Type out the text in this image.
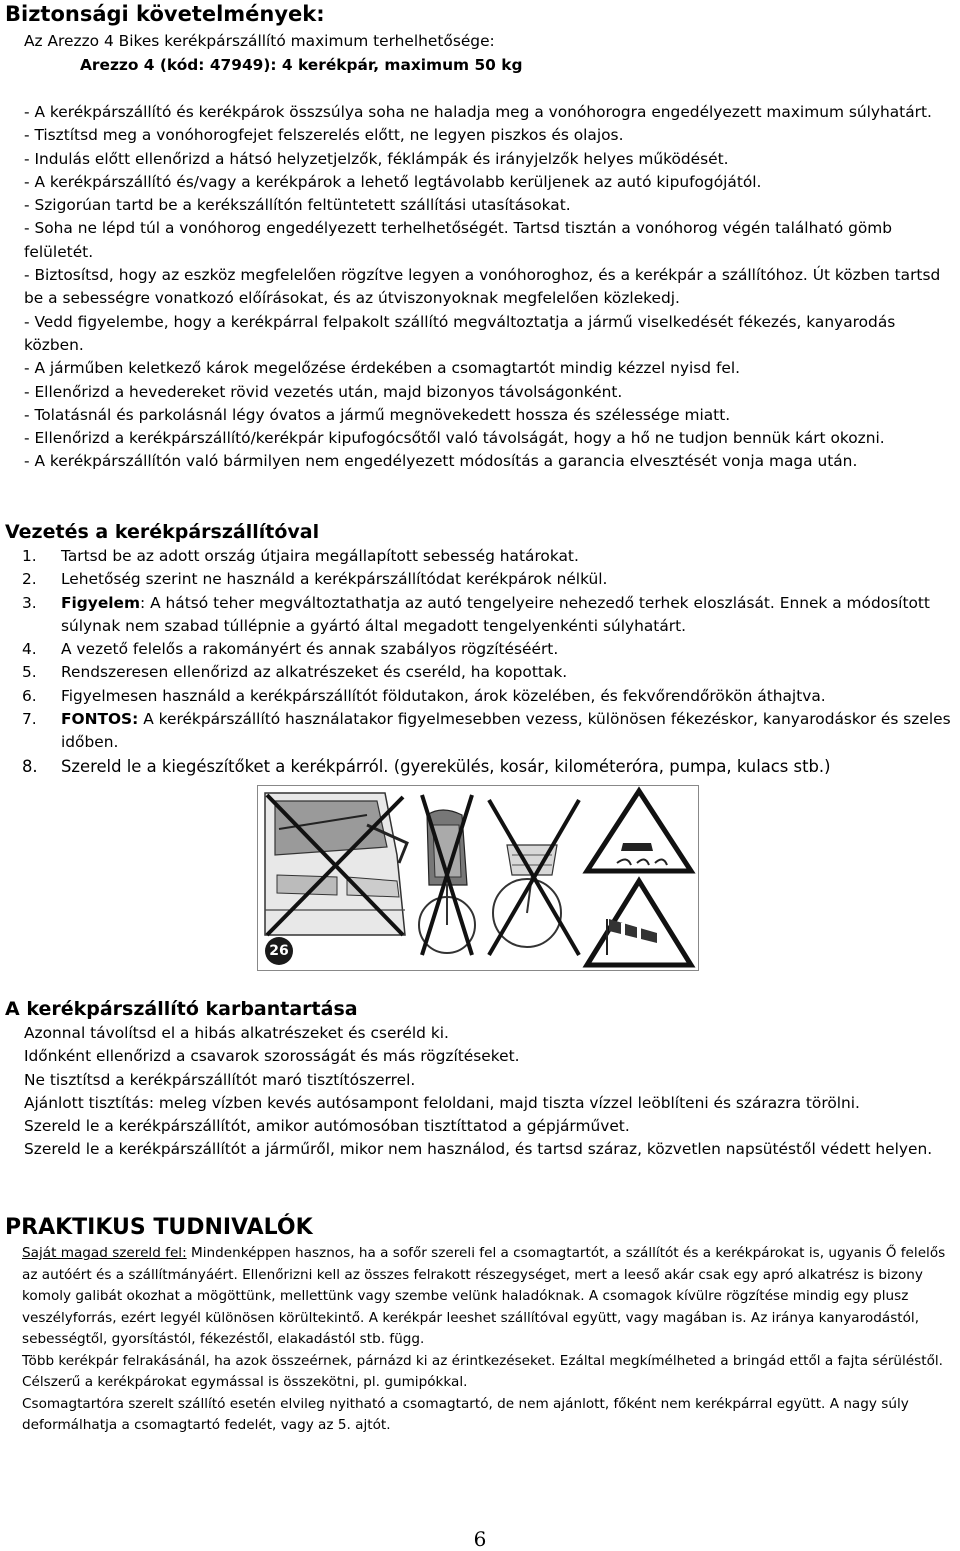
Biztonsági követelmények:
Az Arezzo 4 Bikes kerékpárszállító maximum terhelhetősége:
Arezzo 4 (kód: 47949): 4 kerékpár, maximum 50 kg
- A kerékpárszállító és kerékpárok összsúlya soha ne haladja meg a vonóhorogra engedélyezett maximum súlyhatárt.
- Tisztítsd meg a vonóhorogfejet felszerelés előtt, ne legyen piszkos és olajos.
- Indulás előtt ellenőrizd a hátsó helyzetjelzők, féklámpák és irányjelzők helyes működését.
- A kerékpárszállító és/vagy a kerékpárok a lehető legtávolabb kerüljenek az autó kipufogójától.
- Szigorúan tartd be a kerékszállítón feltüntetett szállítási utasításokat.
- Soha ne lépd túl a vonóhorog engedélyezett terhelhetőségét. Tartsd tisztán a vonóhorog végén található gömb felületét.
- Biztosítsd, hogy az eszköz megfelelően rögzítve legyen a vonóhoroghoz, és a kerékpár a szállítóhoz. Út közben tartsd be a sebességre vonatkozó előírásokat, és az útviszonyoknak megfelelően közlekedj.
- Vedd figyelembe, hogy a kerékpárral felpakolt szállító megváltoztatja a jármű viselkedését fékezés, kanyarodás közben.
- A járműben keletkező károk megelőzése érdekében a csomagtartót mindig kézzel nyisd fel.
- Ellenőrizd a hevedereket rövid vezetés után, majd bizonyos távolságonként.
- Tolatásnál és parkolásnál légy óvatos a jármű megnövekedett hossza és szélessége miatt.
- Ellenőrizd a kerékpárszállító/kerékpár kipufogócsőtől való távolságát, hogy a hő ne tudjon bennük kárt okozni.
- A kerékpárszállítón való bármilyen nem engedélyezett módosítás a garancia elvesztését vonja maga után.
Vezetés a kerékpárszállítóval
1. Tartsd be az adott ország útjaira megállapított sebesség határokat.
2. Lehetőség szerint ne használd a kerékpárszállítódat kerékpárok nélkül.
3. Figyelem: A hátsó teher megváltoztathatja az autó tengelyeire nehezedő terhek eloszlását. Ennek a módosított súlynak nem szabad túllépnie a gyártó által megadott tengelyenkénti súlyhatárt.
4. A vezető felelős a rakományért és annak szabályos rögzítéséért.
5. Rendszeresen ellenőrizd az alkatrészeket és cseréld, ha kopottak.
6. Figyelmesen használd a kerékpárszállítót földutakon, árok közelében, és fekvőrendőrökön áthajtva.
7. FONTOS: A kerékpárszállító használatakor figyelmesebben vezess, különösen fékezéskor, kanyarodáskor és szeles időben.
8. Szereld le a kiegészítőket a kerékpárról. (gyerekülés, kosár, kilométeróra, pumpa, kulacs stb.)
26
A kerékpárszállító karbantartása
Azonnal távolítsd el a hibás alkatrészeket és cseréld ki.
Időnként ellenőrizd a csavarok szorosságát és más rögzítéseket.
Ne tisztítsd a kerékpárszállítót maró tisztítószerrel.
Ajánlott tisztítás: meleg vízben kevés autósampont feloldani, majd tiszta vízzel leöblíteni és szárazra törölni.
Szereld le a kerékpárszállítót, amikor autómosóban tisztíttatod a gépjárművet.
Szereld le a kerékpárszállítót a járműről, mikor nem használod, és tartsd száraz, közvetlen napsütéstől védett helyen.
PRAKTIKUS TUDNIVALÓK
Saját magad szereld fel: Mindenképpen hasznos, ha a sofőr szereli fel a csomagtartót, a szállítót és a kerékpárokat is, ugyanis Ő felelős az autóért és a szállítmányáért. Ellenőrizni kell az összes felrakott részegységet, mert a leeső akár csak egy apró alkatrész is bizony komoly galibát okozhat a mögöttünk, mellettünk vagy szembe velünk haladóknak. A csomagok kívülre rögzítése mindig egy plusz veszélyforrás, ezért legyél különösen körültekintő. A kerékpár leeshet szállítóval együtt, vagy magában is. Az iránya kanyarodástól, sebességtől, gyorsítástól, fékezéstől, elakadástól stb. függ.
Több kerékpár felrakásánál, ha azok összeérnek, párnázd ki az érintkezéseket. Ezáltal megkímélheted a bringád ettől a fajta sérüléstől. Célszerű a kerékpárokat egymással is összekötni, pl. gumipókkal.
Csomagtartóra szerelt szállító esetén elvileg nyitható a csomagtartó, de nem ajánlott, főként nem kerékpárral együtt. A nagy súly deformálhatja a csomagtartó fedelét, vagy az 5. ajtót.
6
